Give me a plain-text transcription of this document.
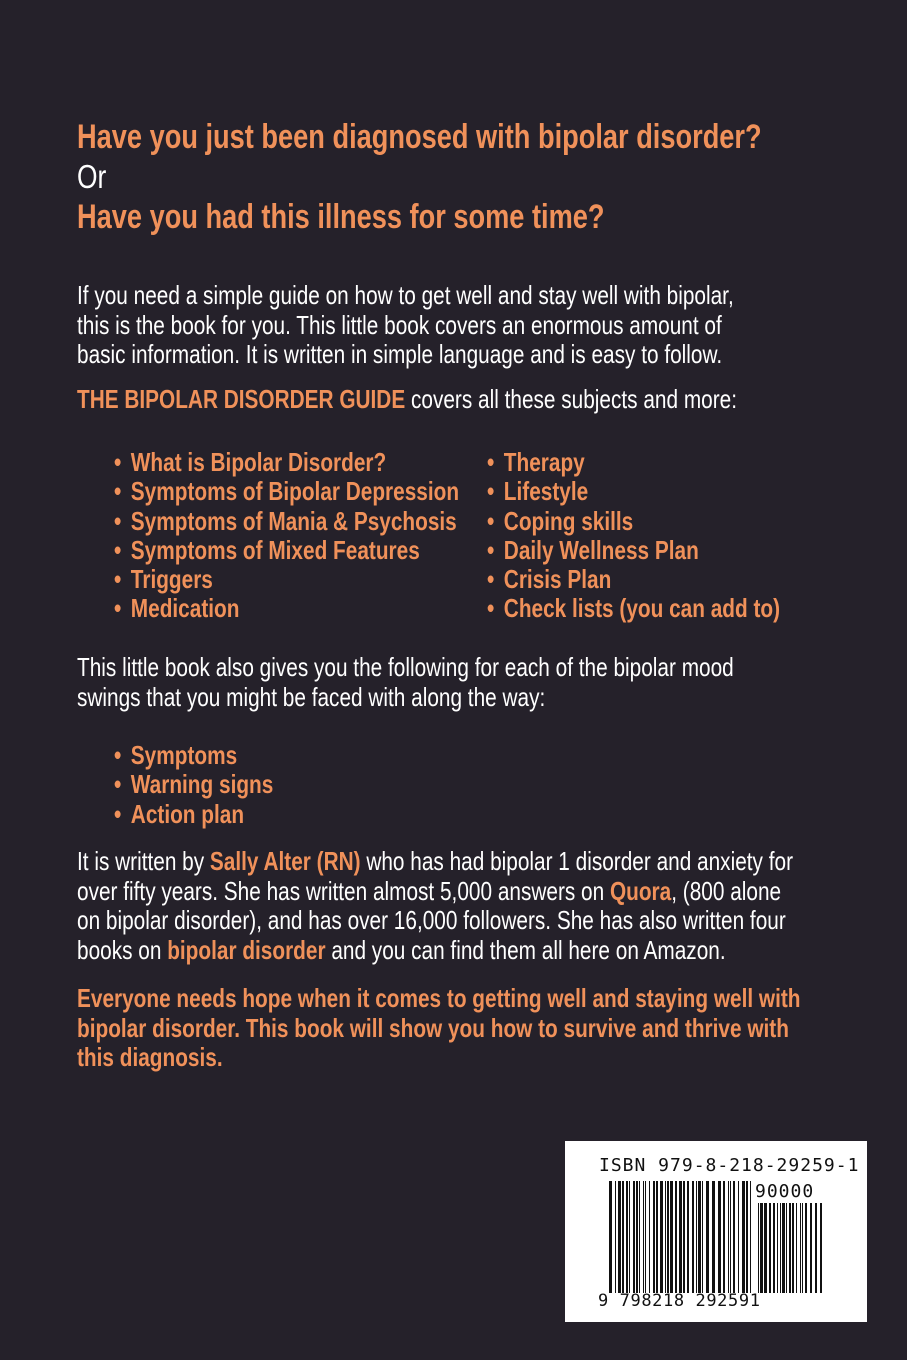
Have you just been diagnosed with bipolar disorder?
Or
Have you had this illness for some time?
If you need a simple guide on how to get well and stay well with bipolar,
this is the book for you. This little book covers an enormous amount of
basic information. It is written in simple language and is easy to follow.
THE BIPOLAR DISORDER GUIDE covers all these subjects and more:
• What is Bipolar Disorder?
• Symptoms of Bipolar Depression
• Symptoms of Mania & Psychosis
• Symptoms of Mixed Features
• Triggers
• Medication
• Therapy
• Lifestyle
• Coping skills
• Daily Wellness Plan
• Crisis Plan
• Check lists (you can add to)
This little book also gives you the following for each of the bipolar mood
swings that you might be faced with along the way:
• Symptoms
• Warning signs
• Action plan
It is written by Sally Alter (RN) who has had bipolar 1 disorder and anxiety for
over fifty years. She has written almost 5,000 answers on Quora, (800 alone
on bipolar disorder), and has over 16,000 followers. She has also written four
books on bipolar disorder and you can find them all here on Amazon.
Everyone needs hope when it comes to getting well and staying well with
bipolar disorder. This book will show you how to survive and thrive with
this diagnosis.
ISBN 979-8-218-29259-1
90000
9 798218 292591
